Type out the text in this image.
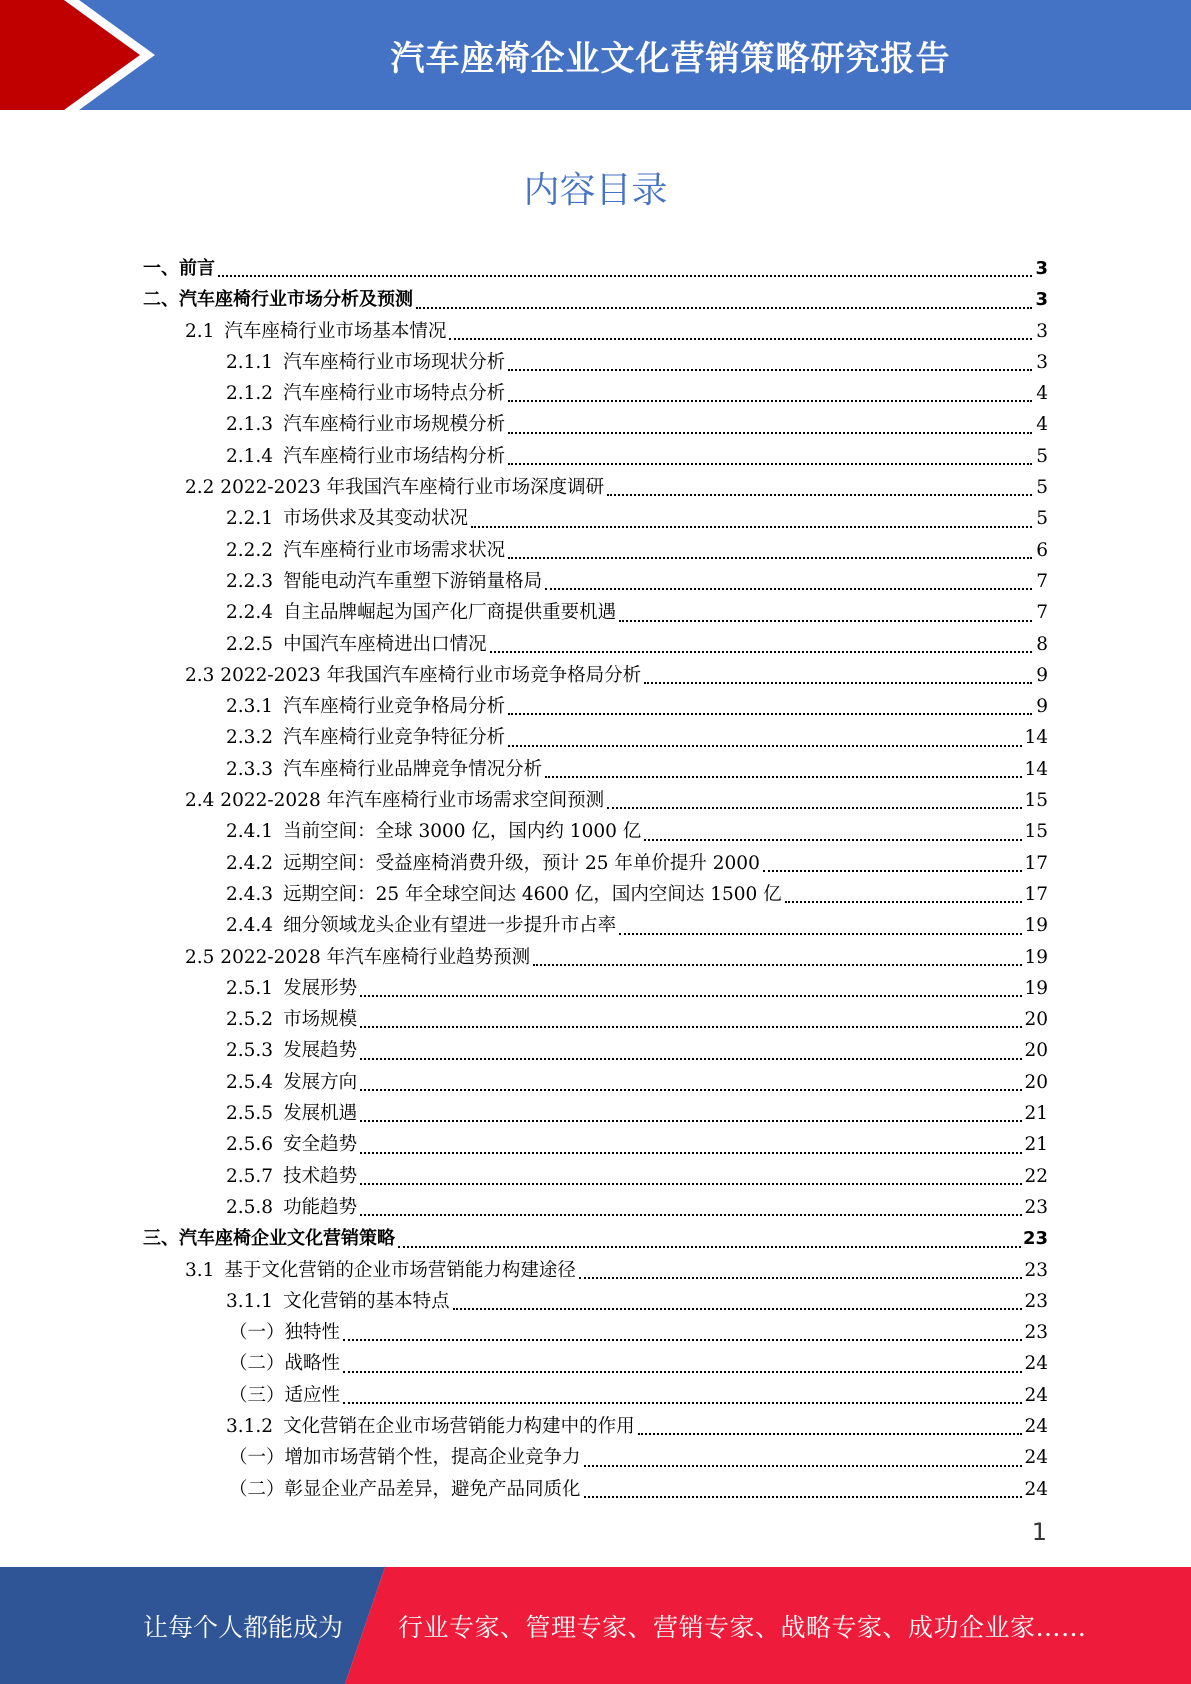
汽车座椅企业文化营销策略研究报告
内容目录
一、前言	3
二、汽车座椅行业市场分析及预测	3
2.1 汽车座椅行业市场基本情况	3
2.1.1 汽车座椅行业市场现状分析	3
2.1.2 汽车座椅行业市场特点分析	4
2.1.3 汽车座椅行业市场规模分析	4
2.1.4 汽车座椅行业市场结构分析	5
2.2 2022-2023 年我国汽车座椅行业市场深度调研	5
2.2.1 市场供求及其变动状况	5
2.2.2 汽车座椅行业市场需求状况	6
2.2.3 智能电动汽车重塑下游销量格局	7
2.2.4 自主品牌崛起为国产化厂商提供重要机遇	7
2.2.5 中国汽车座椅进出口情况	8
2.3 2022-2023 年我国汽车座椅行业市场竞争格局分析	9
2.3.1 汽车座椅行业竞争格局分析	9
2.3.2 汽车座椅行业竞争特征分析	14
2.3.3 汽车座椅行业品牌竞争情况分析	14
2.4 2022-2028 年汽车座椅行业市场需求空间预测	15
2.4.1 当前空间：全球 3000 亿，国内约 1000 亿	15
2.4.2 远期空间：受益座椅消费升级，预计 25 年单价提升 2000	17
2.4.3 远期空间：25 年全球空间达 4600 亿，国内空间达 1500 亿	17
2.4.4 细分领域龙头企业有望进一步提升市占率	19
2.5 2022-2028 年汽车座椅行业趋势预测	19
2.5.1 发展形势	19
2.5.2 市场规模	20
2.5.3 发展趋势	20
2.5.4 发展方向	20
2.5.5 发展机遇	21
2.5.6 安全趋势	21
2.5.7 技术趋势	22
2.5.8 功能趋势	23
三、汽车座椅企业文化营销策略	23
3.1 基于文化营销的企业市场营销能力构建途径	23
3.1.1 文化营销的基本特点	23
（一）独特性	23
（二）战略性	24
（三）适应性	24
3.1.2 文化营销在企业市场营销能力构建中的作用	24
（一）增加市场营销个性，提高企业竞争力	24
（二）彰显企业产品差异，避免产品同质化	24
1
让每个人都能成为 行业专家、管理专家、营销专家、战略专家、成功企业家……
